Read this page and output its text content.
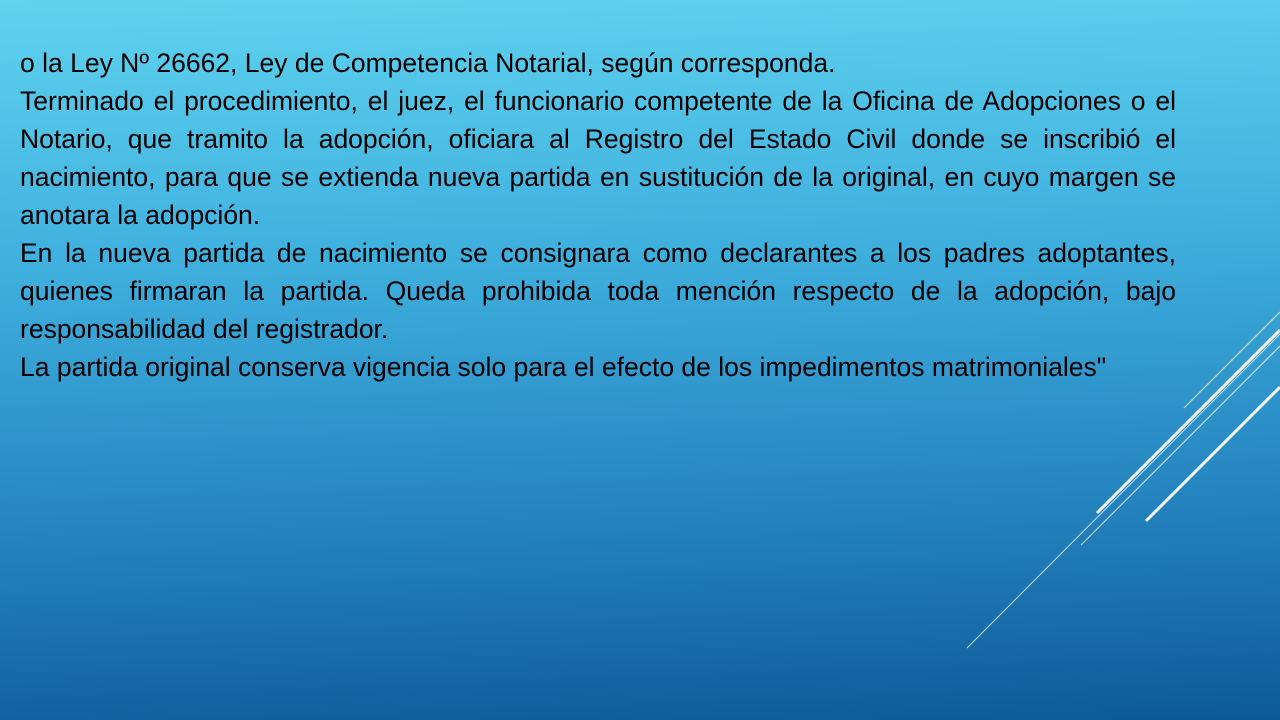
o la Ley Nº 26662, Ley de Competencia Notarial, según corresponda.

Terminado el procedimiento, el juez, el funcionario competente de la Oficina de Adopciones o el Notario, que tramito la adopción, oficiara al Registro del Estado Civil donde se inscribió el nacimiento, para que se extienda nueva partida en sustitución de la original, en cuyo margen se anotara la adopción.

En la nueva partida de nacimiento se consignara como declarantes a los padres adoptantes, quienes firmaran la partida. Queda prohibida toda mención respecto de la adopción, bajo responsabilidad del registrador.

La partida original conserva vigencia solo para el efecto de los impedimentos matrimoniales"
